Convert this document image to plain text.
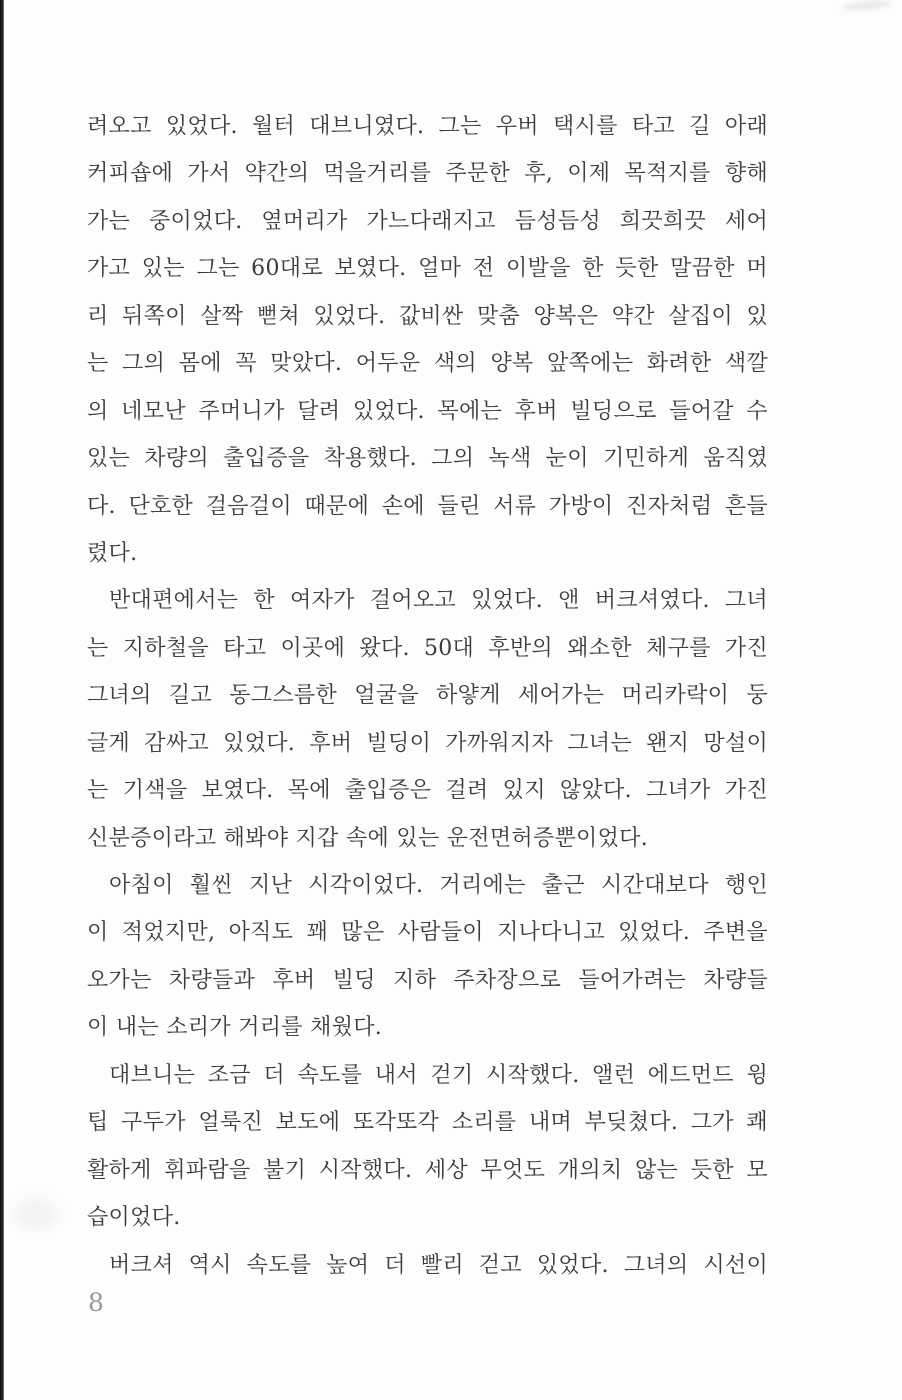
려오고 있었다. 월터 대브니였다. 그는 우버 택시를 타고 길 아래
커피숍에 가서 약간의 먹을거리를 주문한 후, 이제 목적지를 향해
가는 중이었다. 옆머리가 가느다래지고 듬성듬성 희끗희끗 세어
가고 있는 그는 60대로 보였다. 얼마 전 이발을 한 듯한 말끔한 머
리 뒤쪽이 살짝 뻗쳐 있었다. 값비싼 맞춤 양복은 약간 살집이 있
는 그의 몸에 꼭 맞았다. 어두운 색의 양복 앞쪽에는 화려한 색깔
의 네모난 주머니가 달려 있었다. 목에는 후버 빌딩으로 들어갈 수
있는 차량의 출입증을 착용했다. 그의 녹색 눈이 기민하게 움직였
다. 단호한 걸음걸이 때문에 손에 들린 서류 가방이 진자처럼 흔들
렸다.
반대편에서는 한 여자가 걸어오고 있었다. 앤 버크셔였다. 그녀
는 지하철을 타고 이곳에 왔다. 50대 후반의 왜소한 체구를 가진
그녀의 길고 동그스름한 얼굴을 하얗게 세어가는 머리카락이 둥
글게 감싸고 있었다. 후버 빌딩이 가까워지자 그녀는 왠지 망설이
는 기색을 보였다. 목에 출입증은 걸려 있지 않았다. 그녀가 가진
신분증이라고 해봐야 지갑 속에 있는 운전면허증뿐이었다.
아침이 훨씬 지난 시각이었다. 거리에는 출근 시간대보다 행인
이 적었지만, 아직도 꽤 많은 사람들이 지나다니고 있었다. 주변을
오가는 차량들과 후버 빌딩 지하 주차장으로 들어가려는 차량들
이 내는 소리가 거리를 채웠다.
대브니는 조금 더 속도를 내서 걷기 시작했다. 앨런 에드먼드 윙
팁 구두가 얼룩진 보도에 또각또각 소리를 내며 부딪쳤다. 그가 쾌
활하게 휘파람을 불기 시작했다. 세상 무엇도 개의치 않는 듯한 모
습이었다.
버크셔 역시 속도를 높여 더 빨리 걷고 있었다. 그녀의 시선이
8
